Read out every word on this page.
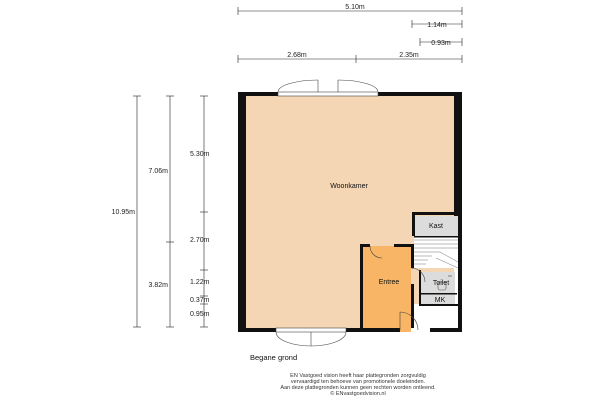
5.10m
1.14m
0.93m
2.68m	2.35m
10.95m
7.06m
3.82m
5.30m
2.70m
1.22m
0.37m
0.95m
Woonkamer
Entree
Kast
Toilet
MK
Begane grond
EN Vastgoed vision heeft haar plattegronden zorgvuldig
vervaardigd ten behoeve van promotionele doeleinden.
Aan deze plattegronden kunnen geen rechten worden ontleend.
© ENvastgoedvision.nl
